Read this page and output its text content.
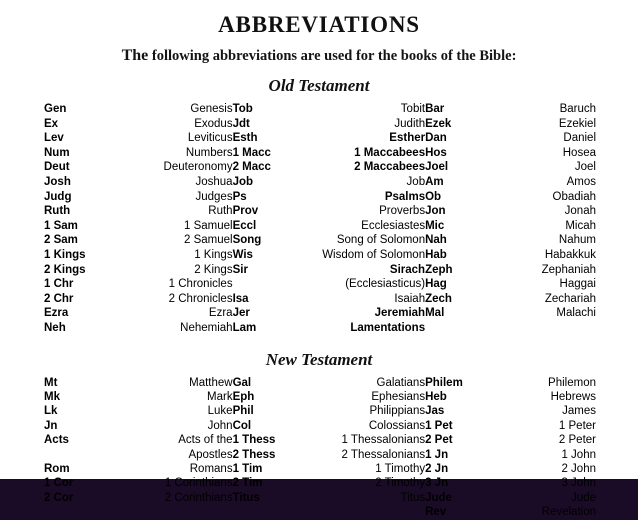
ABBREVIATIONS
The following abbreviations are used for the books of the Bible:
Old Testament
Gen	Genesis
Ex	Exodus
Lev	Leviticus
Num	Numbers
Deut	Deuteronomy
Josh	Joshua
Judg	Judges
Ruth	Ruth
1 Sam	1 Samuel
2 Sam	2 Samuel
1 Kings	1 Kings
2 Kings	2 Kings
1 Chr	1 Chronicles
2 Chr	2 Chronicles
Ezra	Ezra
Neh	Nehemiah
Tob	Tobit
Jdt	Judith
Esth	Esther
1 Macc	1 Maccabees
2 Macc	2 Maccabees
Job	Job
Ps	Psalms
Prov	Proverbs
Eccl	Ecclesiastes
Song	Song of Solomon
Wis	Wisdom of Solomon
Sir	Sirach
(Ecclesiasticus)
Isa	Isaiah
Jer	Jeremiah
Lam	Lamentations
Bar	Baruch
Ezek	Ezekiel
Dan	Daniel
Hos	Hosea
Joel	Joel
Am	Amos
Ob	Obadiah
Jon	Jonah
Mic	Micah
Nah	Nahum
Hab	Habakkuk
Zeph	Zephaniah
Hag	Haggai
Zech	Zechariah
Mal	Malachi
New Testament
Mt	Matthew
Mk	Mark
Lk	Luke
Jn	John
Acts	Acts of the
Apostles
Rom	Romans
1 Cor	1 Corinthians
2 Cor	2 Corinthians
Gal	Galatians
Eph	Ephesians
Phil	Philippians
Col	Colossians
1 Thess	1 Thessalonians
2 Thess	2 Thessalonians
1 Tim	1 Timothy
2 Tim	2 Timothy
Titus	Titus
Philem	Philemon
Heb	Hebrews
Jas	James
1 Pet	1 Peter
2 Pet	2 Peter
1 Jn	1 John
2 Jn	2 John
3 Jn	3 John
Jude	Jude
Rev	Revelation
